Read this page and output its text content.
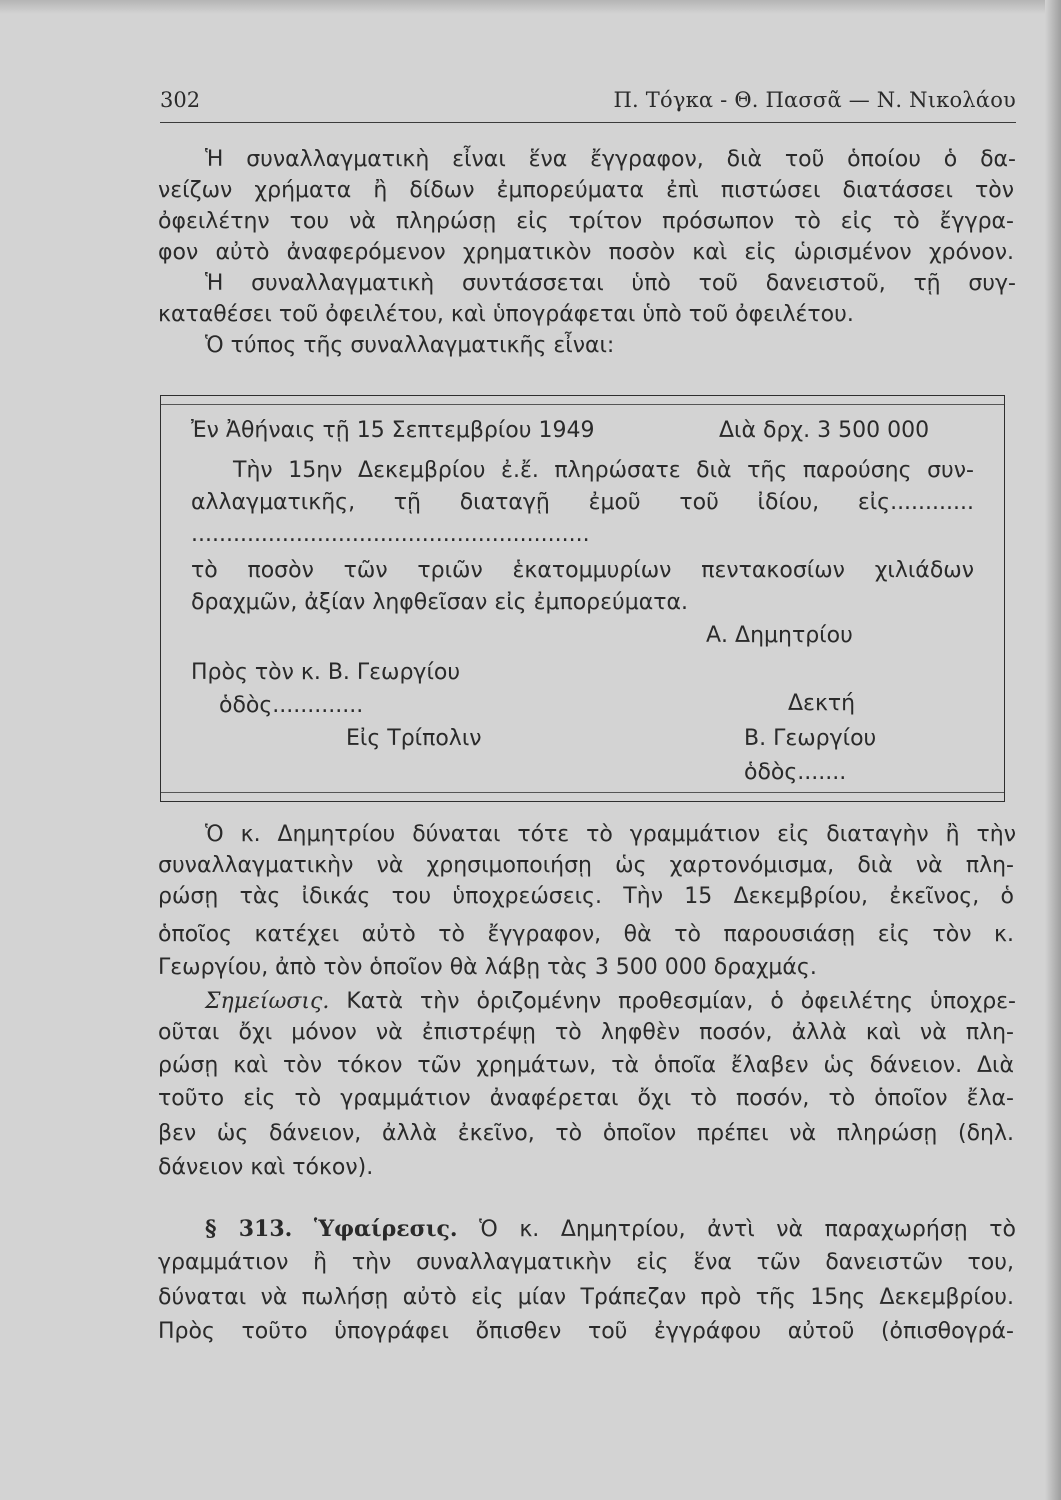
302	Π. Τόγκα - Θ. Πασσᾶ — Ν. Νικολάου
Ἡ συναλλαγματικὴ εἶναι ἕνα ἔγγραφον, διὰ τοῦ ὁποίου ὁ δα-
νείζων χρήματα ἢ δίδων ἐμπορεύματα ἐπὶ πιστώσει διατάσσει τὸν
ὀφειλέτην του νὰ πληρώσῃ εἰς τρίτον πρόσωπον τὸ εἰς τὸ ἔγγρα-
φον αὐτὸ ἀναφερόμενον χρηματικὸν ποσὸν καὶ εἰς ὡρισμένον χρόνον.
Ἡ συναλλαγματικὴ συντάσσεται ὑπὸ τοῦ δανειστοῦ, τῇ συγ-
καταθέσει τοῦ ὀφειλέτου, καὶ ὑπογράφεται ὑπὸ τοῦ ὀφειλέτου.
Ὁ τύπος τῆς συναλλαγματικῆς εἶναι:
Ἐν Ἀθήναις τῇ 15 Σεπτεμβρίου 1949	Διὰ δρχ. 3 500 000
Τὴν 15ην Δεκεμβρίου ἐ.ἔ. πληρώσατε διὰ τῆς παρούσης συν-
αλλαγματικῆς, τῇ διαταγῇ ἐμοῦ τοῦ ἰδίου, εἰς............
.........................................................
τὸ ποσὸν τῶν τριῶν ἑκατομμυρίων πεντακοσίων χιλιάδων
δραχμῶν, ἀξίαν ληφθεῖσαν εἰς ἐμπορεύματα.
Α. Δημητρίου
Πρὸς τὸν κ. Β. Γεωργίου
ὁδὸς.............	Δεκτή
Εἰς Τρίπολιν	Β. Γεωργίου
ὁδὸς.......
Ὁ κ. Δημητρίου δύναται τότε τὸ γραμμάτιον εἰς διαταγὴν ἢ τὴν
συναλλαγματικὴν νὰ χρησιμοποιήσῃ ὡς χαρτονόμισμα, διὰ νὰ πλη-
ρώσῃ τὰς ἰδικάς του ὑποχρεώσεις. Τὴν 15 Δεκεμβρίου, ἐκεῖνος, ὁ
ὁποῖος κατέχει αὐτὸ τὸ ἔγγραφον, θὰ τὸ παρουσιάσῃ εἰς τὸν κ.
Γεωργίου, ἀπὸ τὸν ὁποῖον θὰ λάβῃ τὰς 3 500 000 δραχμάς.
Σημείωσις. Κατὰ τὴν ὁριζομένην προθεσμίαν, ὁ ὀφειλέτης ὑποχρε-
οῦται ὄχι μόνον νὰ ἐπιστρέψῃ τὸ ληφθὲν ποσόν, ἀλλὰ καὶ νὰ πλη-
ρώσῃ καὶ τὸν τόκον τῶν χρημάτων, τὰ ὁποῖα ἔλαβεν ὡς δάνειον. Διὰ
τοῦτο εἰς τὸ γραμμάτιον ἀναφέρεται ὄχι τὸ ποσόν, τὸ ὁποῖον ἔλα-
βεν ὡς δάνειον, ἀλλὰ ἐκεῖνο, τὸ ὁποῖον πρέπει νὰ πληρώσῃ (δηλ.
δάνειον καὶ τόκον).
§ 313. Ὑφαίρεσις. Ὁ κ. Δημητρίου, ἀντὶ νὰ παραχωρήσῃ τὸ
γραμμάτιον ἢ τὴν συναλλαγματικὴν εἰς ἕνα τῶν δανειστῶν του,
δύναται νὰ πωλήσῃ αὐτὸ εἰς μίαν Τράπεζαν πρὸ τῆς 15ης Δεκεμβρίου.
Πρὸς τοῦτο ὑπογράφει ὄπισθεν τοῦ ἐγγράφου αὐτοῦ (ὀπισθογρά-
